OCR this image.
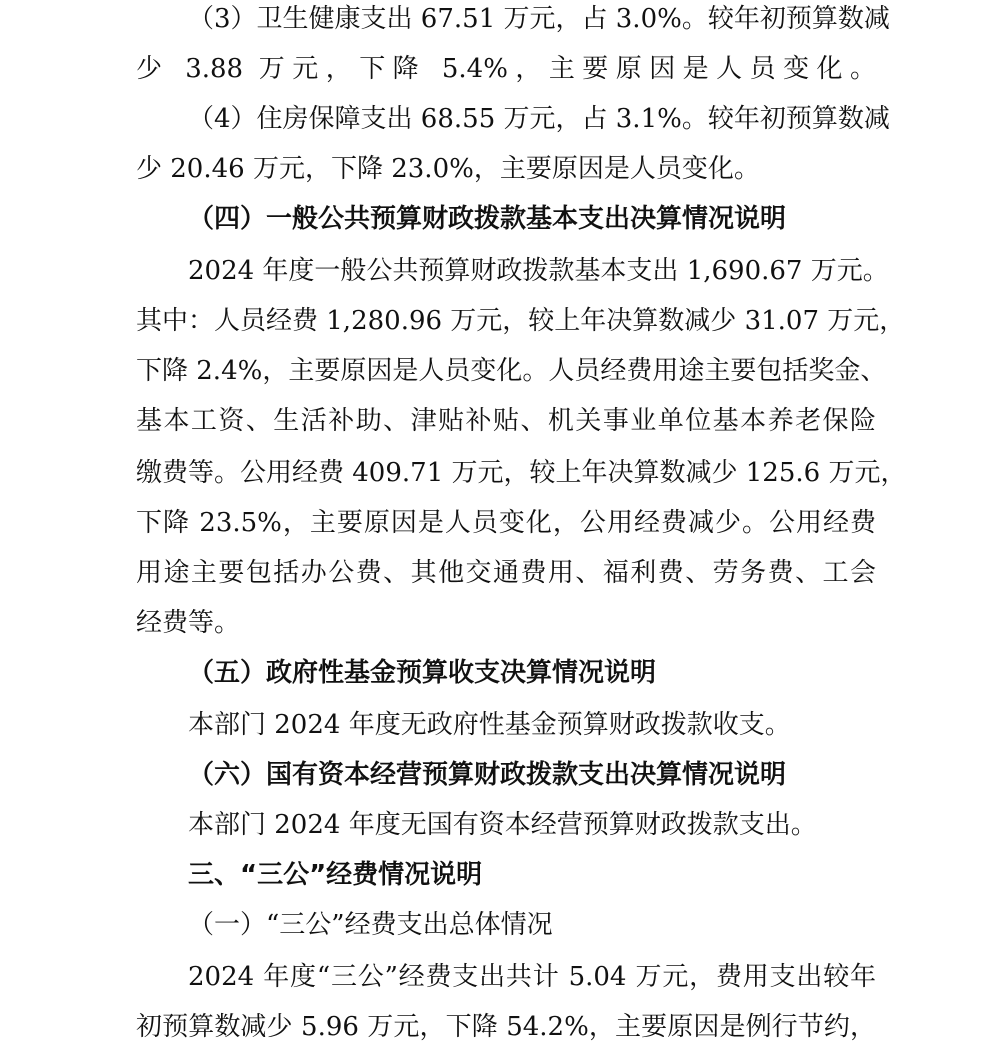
（3）卫生健康支出 67.51 万元，占 3.0%。较年初预算数减
少 3.88 万元，下降 5.4%，主要原因是人员变化。
（4）住房保障支出 68.55 万元，占 3.1%。较年初预算数减
少 20.46 万元，下降 23.0%，主要原因是人员变化。
（四）一般公共预算财政拨款基本支出决算情况说明
2024 年度一般公共预算财政拨款基本支出 1,690.67 万元。
其中：人员经费 1,280.96 万元，较上年决算数减少 31.07 万元，
下降 2.4%，主要原因是人员变化。人员经费用途主要包括奖金、
基本工资、生活补助、津贴补贴、机关事业单位基本养老保险
缴费等。公用经费 409.71 万元，较上年决算数减少 125.6 万元，
下降 23.5%，主要原因是人员变化，公用经费减少。公用经费
用途主要包括办公费、其他交通费用、福利费、劳务费、工会
经费等。
（五）政府性基金预算收支决算情况说明
本部门 2024 年度无政府性基金预算财政拨款收支。
（六）国有资本经营预算财政拨款支出决算情况说明
本部门 2024 年度无国有资本经营预算财政拨款支出。
三、“三公”经费情况说明
（一）“三公”经费支出总体情况
2024 年度“三公”经费支出共计 5.04 万元，费用支出较年
初预算数减少 5.96 万元，下降 54.2%，主要原因是例行节约，
